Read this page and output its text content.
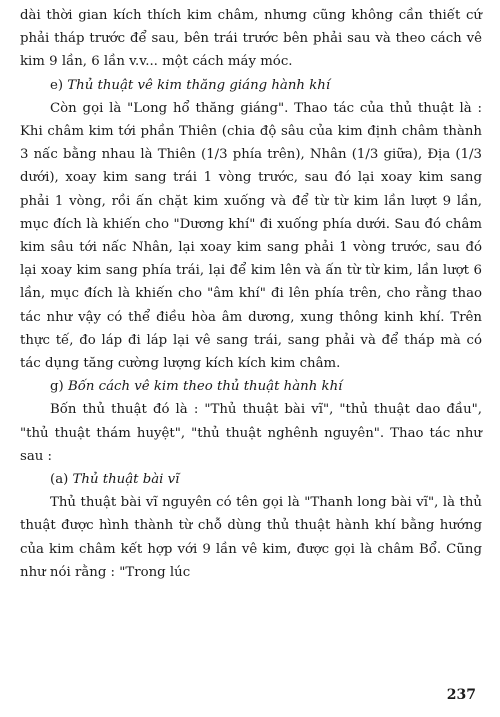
dài thời gian kích thích kim châm, nhưng cũng không cần thiết cứ phải tháp trước để sau, bên trái trước bên phải sau và theo cách vê kim 9 lần, 6 lần v.v... một cách máy móc.

e) Thủ thuật vê kim thăng giáng hành khí

Còn gọi là "Long hổ thăng giáng". Thao tác của thủ thuật là : Khi châm kim tới phần Thiên (chia độ sâu của kim định châm thành 3 nấc bằng nhau là Thiên (1/3 phía trên), Nhân (1/3 giữa), Địa (1/3 dưới), xoay kim sang trái 1 vòng trước, sau đó lại xoay kim sang phải 1 vòng, rồi ấn chặt kim xuống và để từ từ kim lần lượt 9 lần, mục đích là khiến cho "Dương khí" đi xuống phía dưới. Sau đó châm kim sâu tới nấc Nhân, lại xoay kim sang phải 1 vòng trước, sau đó lại xoay kim sang phía trái, lại để kim lên và ấn từ từ kim, lần lượt 6 lần, mục đích là khiến cho "âm khí" đi lên phía trên, cho rằng thao tác như vậy có thể điều hòa âm dương, xung thông kinh khí. Trên thực tế, đo láp đi láp lại vê sang trái, sang phải và để tháp mà có tác dụng tăng cường lượng kích kích kim châm.

g) Bốn cách vê kim theo thủ thuật hành khí

Bốn thủ thuật đó là : "Thủ thuật bài vĩ", "thủ thuật dao đầu", "thủ thuật thám huyệt", "thủ thuật nghênh nguyên". Thao tác như sau :

(a) Thủ thuật bài vĩ

Thủ thuật bài vĩ nguyên có tên gọi là "Thanh long bài vĩ", là thủ thuật được hình thành từ chỗ dùng thủ thuật hành khí bằng hướng của kim châm kết hợp với 9 lần vê kim, được gọi là châm Bổ. Cũng như nói rằng : "Trong lúc

237
